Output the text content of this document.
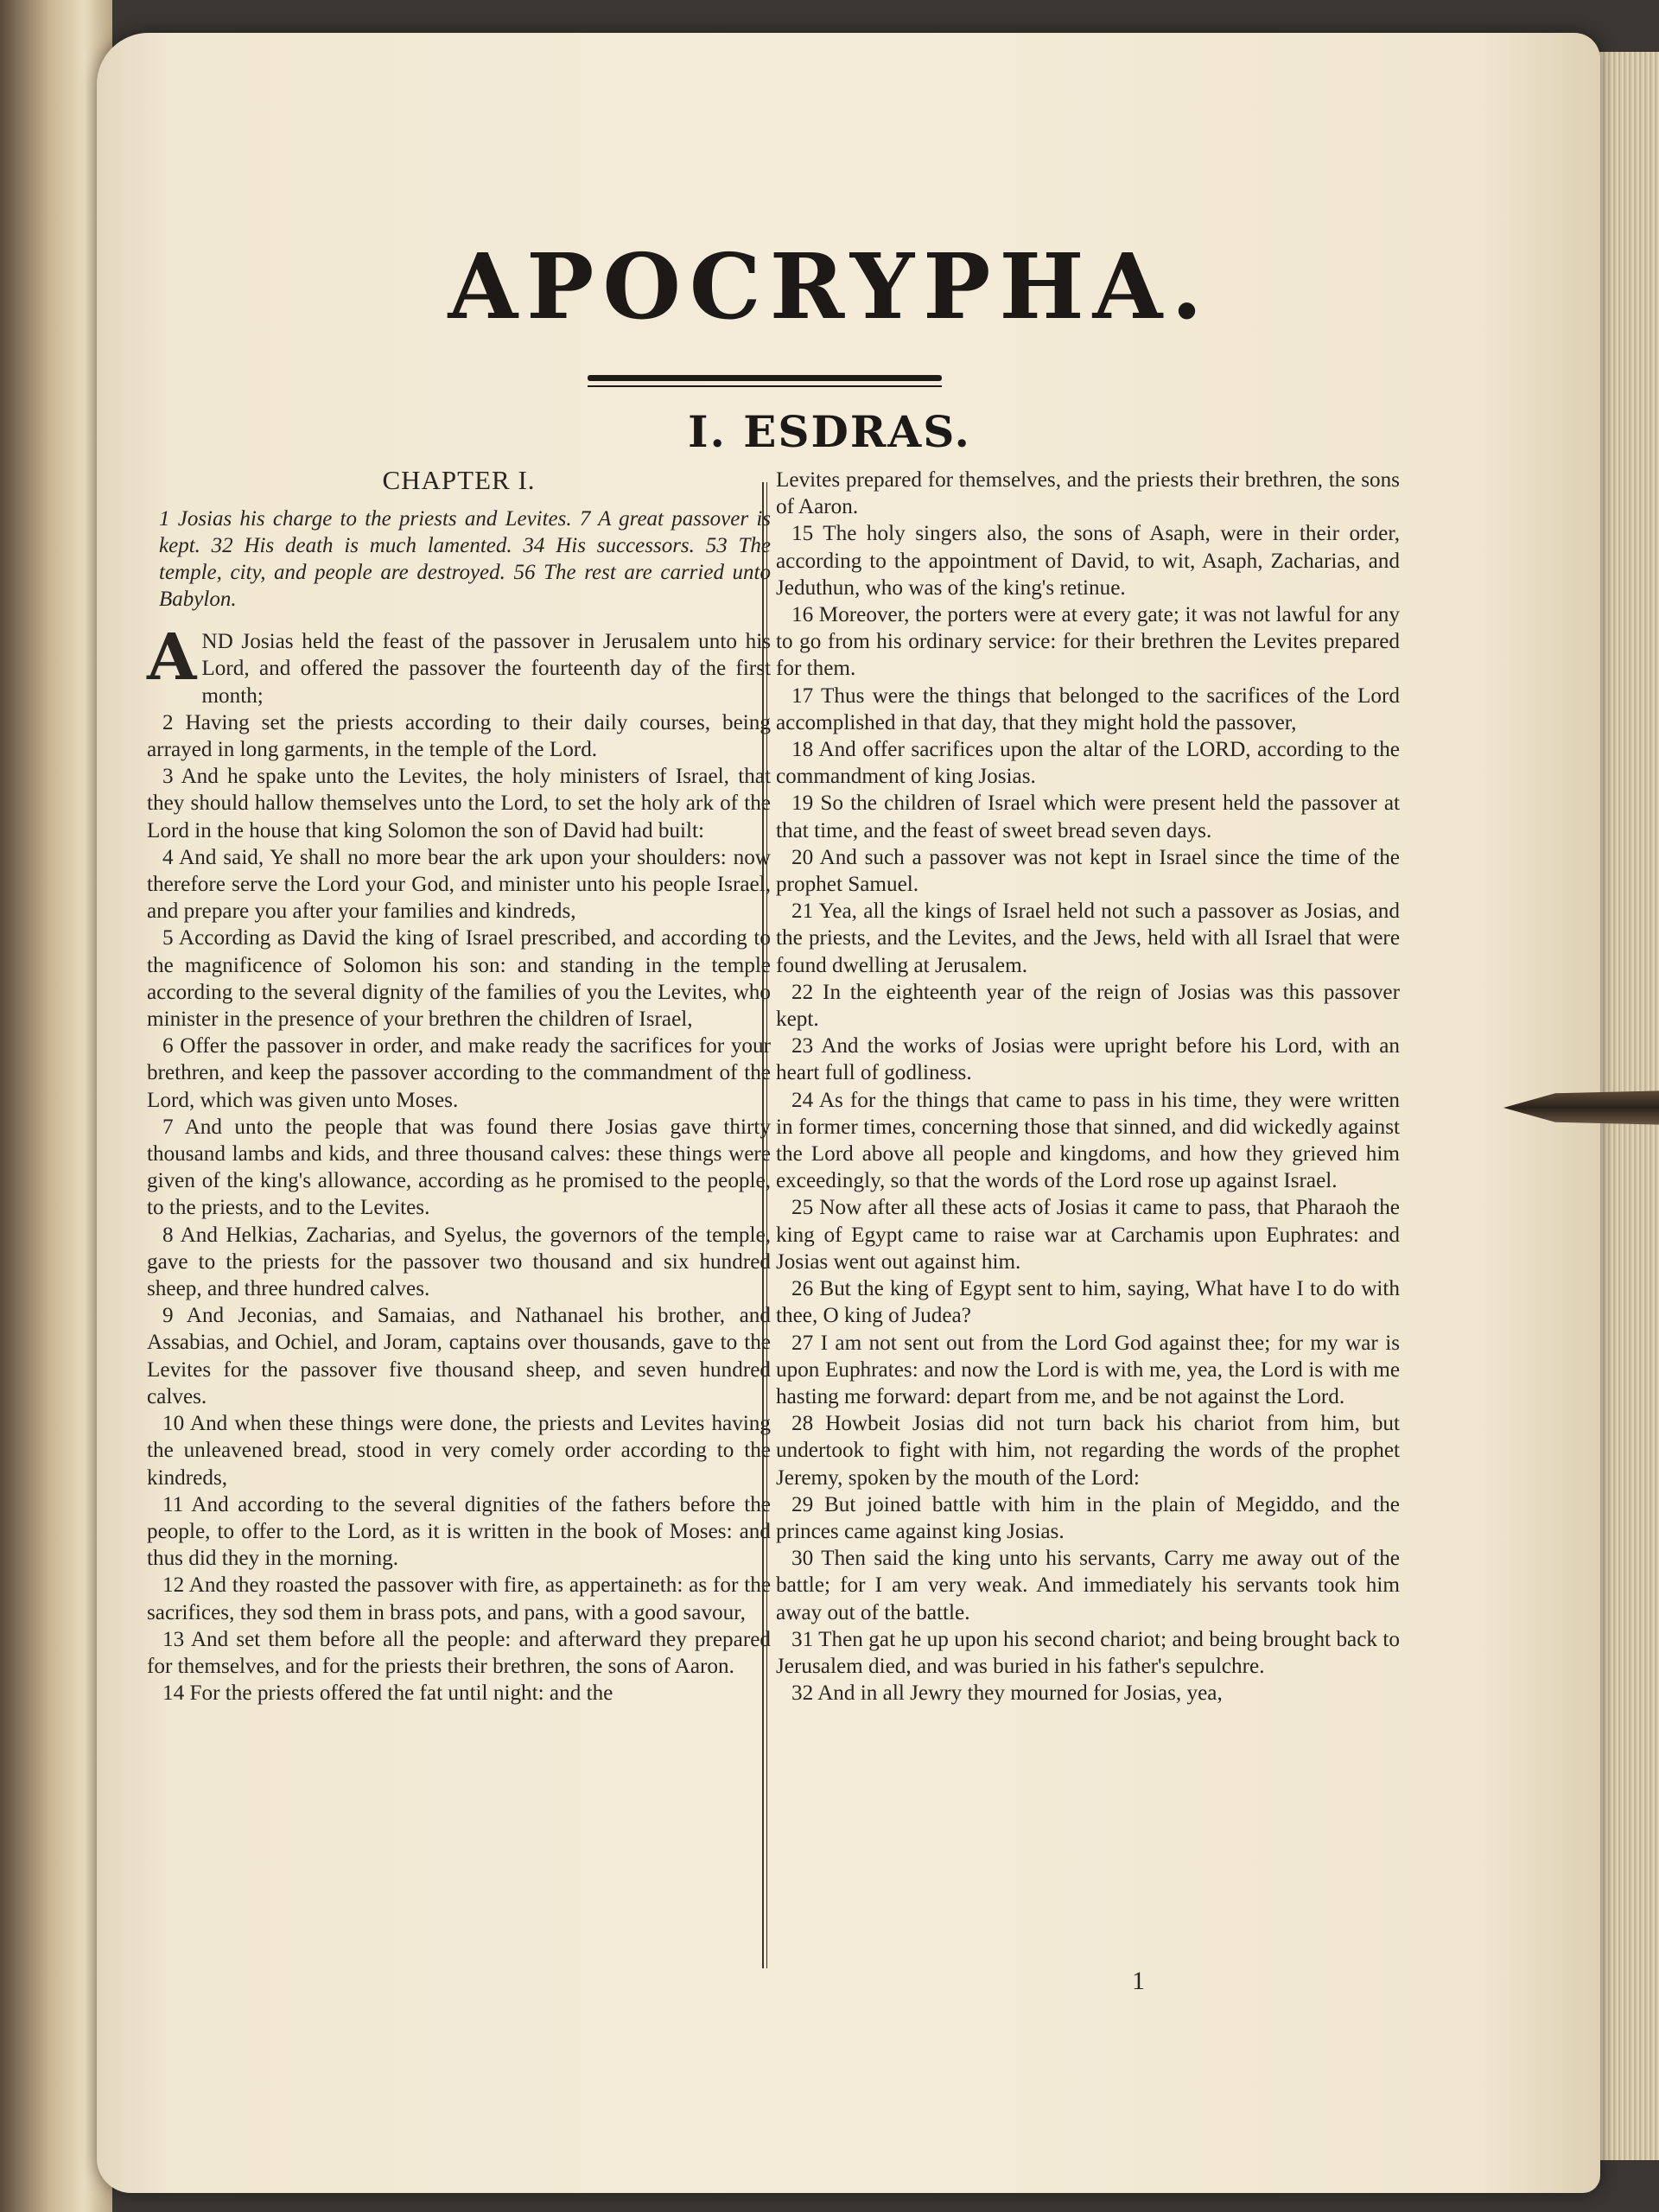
APOCRYPHA.
I. ESDRAS.
CHAPTER I.
1 Josias his charge to the priests and Levites. 7 A great passover is kept. 32 His death is much lamented. 34 His successors. 53 The temple, city, and people are destroyed. 56 The rest are carried unto Babylon.

AND Josias held the feast of the passover in Jerusalem unto his Lord, and offered the passover the fourteenth day of the first month;

2 Having set the priests according to their daily courses, being arrayed in long garments, in the temple of the Lord.

3 And he spake unto the Levites, the holy ministers of Israel, that they should hallow themselves unto the Lord, to set the holy ark of the Lord in the house that king Solomon the son of David had built:

4 And said, Ye shall no more bear the ark upon your shoulders: now therefore serve the Lord your God, and minister unto his people Israel, and prepare you after your families and kindreds,

5 According as David the king of Israel prescribed, and according to the magnificence of Solomon his son: and standing in the temple according to the several dignity of the families of you the Levites, who minister in the presence of your brethren the children of Israel,

6 Offer the passover in order, and make ready the sacrifices for your brethren, and keep the passover according to the commandment of the Lord, which was given unto Moses.

7 And unto the people that was found there Josias gave thirty thousand lambs and kids, and three thousand calves: these things were given of the king's allowance, according as he promised to the people, to the priests, and to the Levites.

8 And Helkias, Zacharias, and Syelus, the governors of the temple, gave to the priests for the passover two thousand and six hundred sheep, and three hundred calves.

9 And Jeconias, and Samaias, and Nathanael his brother, and Assabias, and Ochiel, and Joram, captains over thousands, gave to the Levites for the passover five thousand sheep, and seven hundred calves.

10 And when these things were done, the priests and Levites having the unleavened bread, stood in very comely order according to the kindreds,

11 And according to the several dignities of the fathers before the people, to offer to the Lord, as it is written in the book of Moses: and thus did they in the morning.

12 And they roasted the passover with fire, as appertaineth: as for the sacrifices, they sod them in brass pots, and pans, with a good savour,

13 And set them before all the people: and afterward they prepared for themselves, and for the priests their brethren, the sons of Aaron.

14 For the priests offered the fat until night: and the

Levites prepared for themselves, and the priests their brethren, the sons of Aaron.

15 The holy singers also, the sons of Asaph, were in their order, according to the appointment of David, to wit, Asaph, Zacharias, and Jeduthun, who was of the king's retinue.

16 Moreover, the porters were at every gate; it was not lawful for any to go from his ordinary service: for their brethren the Levites prepared for them.

17 Thus were the things that belonged to the sacrifices of the Lord accomplished in that day, that they might hold the passover,

18 And offer sacrifices upon the altar of the LORD, according to the commandment of king Josias.

19 So the children of Israel which were present held the passover at that time, and the feast of sweet bread seven days.

20 And such a passover was not kept in Israel since the time of the prophet Samuel.

21 Yea, all the kings of Israel held not such a passover as Josias, and the priests, and the Levites, and the Jews, held with all Israel that were found dwelling at Jerusalem.

22 In the eighteenth year of the reign of Josias was this passover kept.

23 And the works of Josias were upright before his Lord, with an heart full of godliness.

24 As for the things that came to pass in his time, they were written in former times, concerning those that sinned, and did wickedly against the Lord above all people and kingdoms, and how they grieved him exceedingly, so that the words of the Lord rose up against Israel.

25 Now after all these acts of Josias it came to pass, that Pharaoh the king of Egypt came to raise war at Carchamis upon Euphrates: and Josias went out against him.

26 But the king of Egypt sent to him, saying, What have I to do with thee, O king of Judea?

27 I am not sent out from the Lord God against thee; for my war is upon Euphrates: and now the Lord is with me, yea, the Lord is with me hasting me forward: depart from me, and be not against the Lord.

28 Howbeit Josias did not turn back his chariot from him, but undertook to fight with him, not regarding the words of the prophet Jeremy, spoken by the mouth of the Lord:

29 But joined battle with him in the plain of Megiddo, and the princes came against king Josias.

30 Then said the king unto his servants, Carry me away out of the battle; for I am very weak. And immediately his servants took him away out of the battle.

31 Then gat he up upon his second chariot; and being brought back to Jerusalem died, and was buried in his father's sepulchre.

32 And in all Jewry they mourned for Josias, yea,

1
